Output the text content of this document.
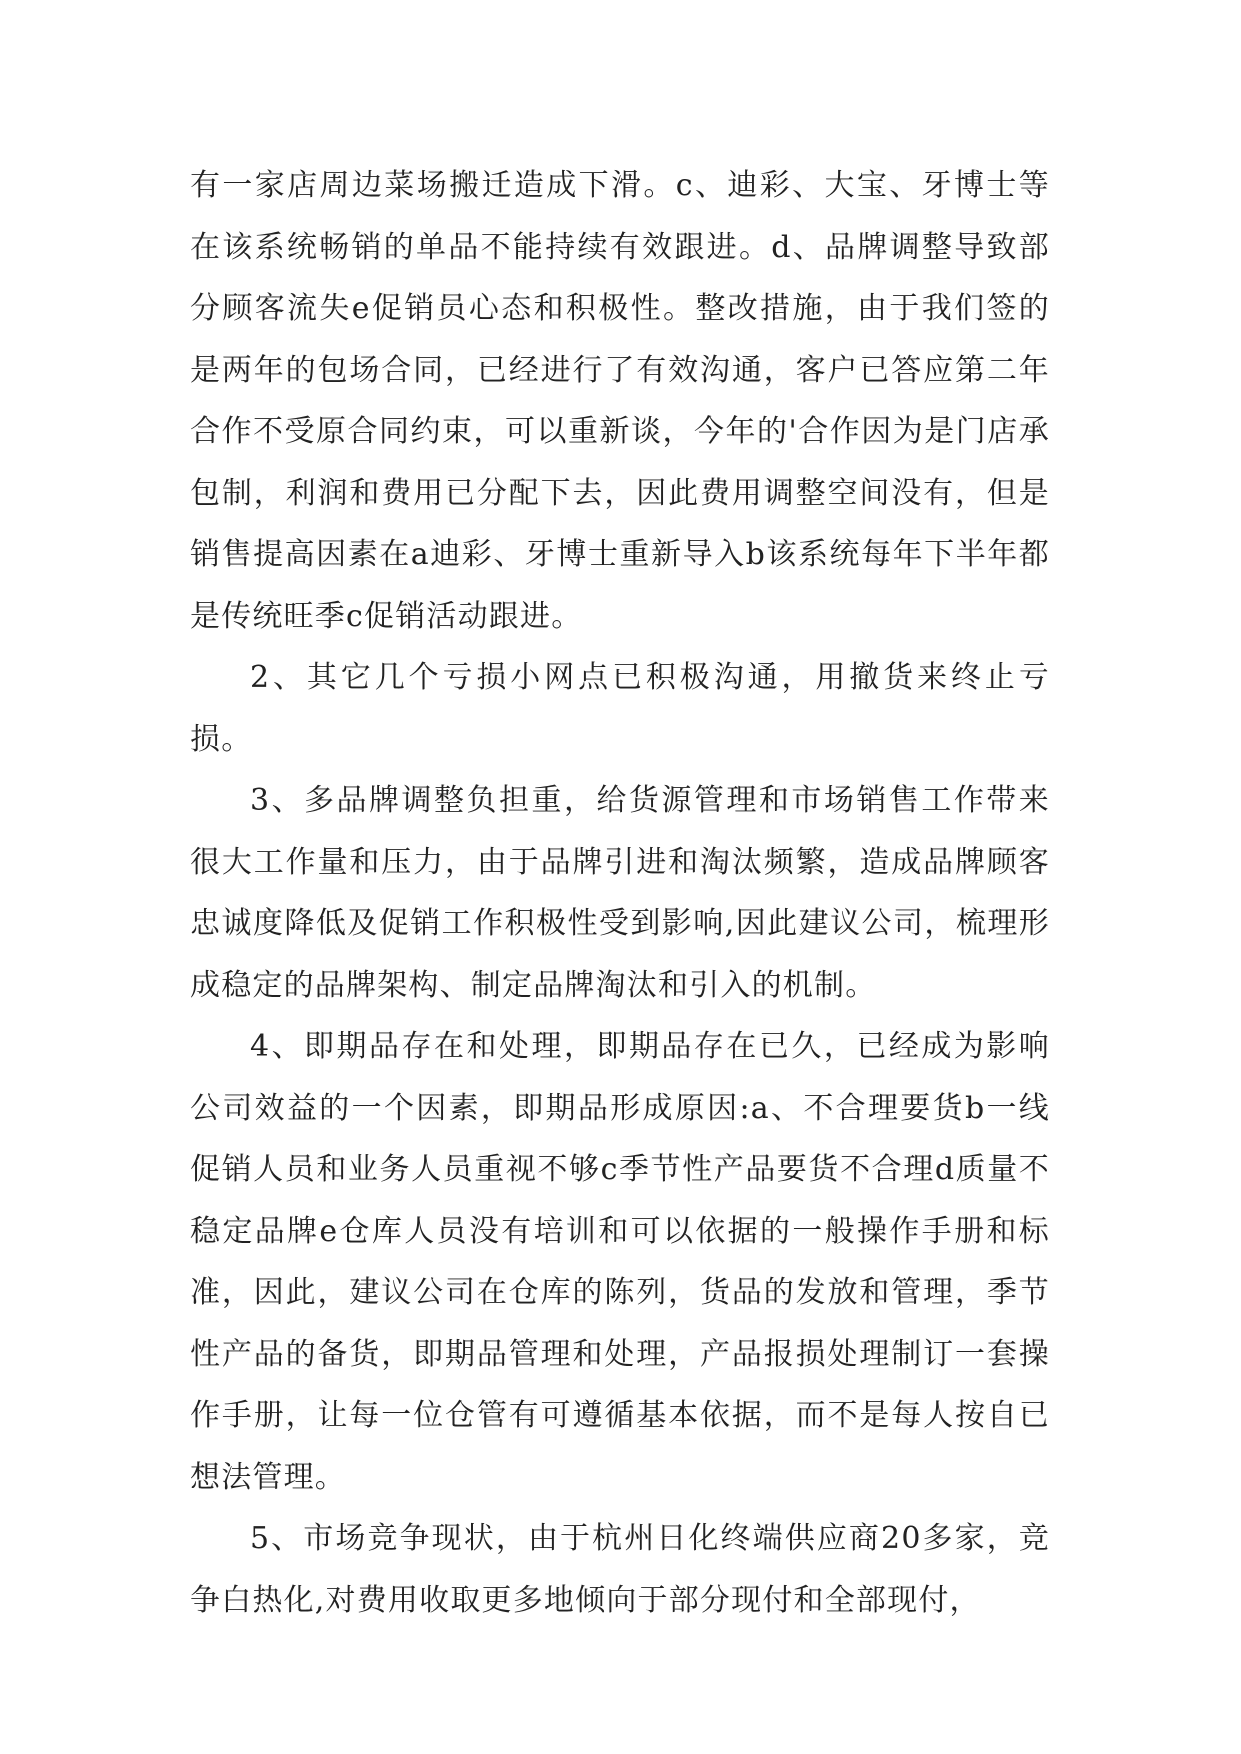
有一家店周边菜场搬迁造成下滑。c、迪彩、大宝、牙博士等在该系统畅销的单品不能持续有效跟进。d、品牌调整导致部分顾客流失e促销员心态和积极性。整改措施，由于我们签的是两年的包场合同，已经进行了有效沟通，客户已答应第二年合作不受原合同约束，可以重新谈，今年的'合作因为是门店承包制，利润和费用已分配下去，因此费用调整空间没有，但是销售提高因素在a迪彩、牙博士重新导入b该系统每年下半年都是传统旺季c促销活动跟进。

2、其它几个亏损小网点已积极沟通，用撤货来终止亏损。

3、多品牌调整负担重，给货源管理和市场销售工作带来很大工作量和压力，由于品牌引进和淘汰频繁，造成品牌顾客忠诚度降低及促销工作积极性受到影响,因此建议公司，梳理形成稳定的品牌架构、制定品牌淘汰和引入的机制。

4、即期品存在和处理，即期品存在已久，已经成为影响公司效益的一个因素，即期品形成原因:a、不合理要货b一线促销人员和业务人员重视不够c季节性产品要货不合理d质量不稳定品牌e仓库人员没有培训和可以依据的一般操作手册和标准，因此，建议公司在仓库的陈列，货品的发放和管理，季节性产品的备货，即期品管理和处理，产品报损处理制订一套操作手册，让每一位仓管有可遵循基本依据，而不是每人按自已想法管理。

5、市场竞争现状，由于杭州日化终端供应商20多家，竞争白热化,对费用收取更多地倾向于部分现付和全部现付，
